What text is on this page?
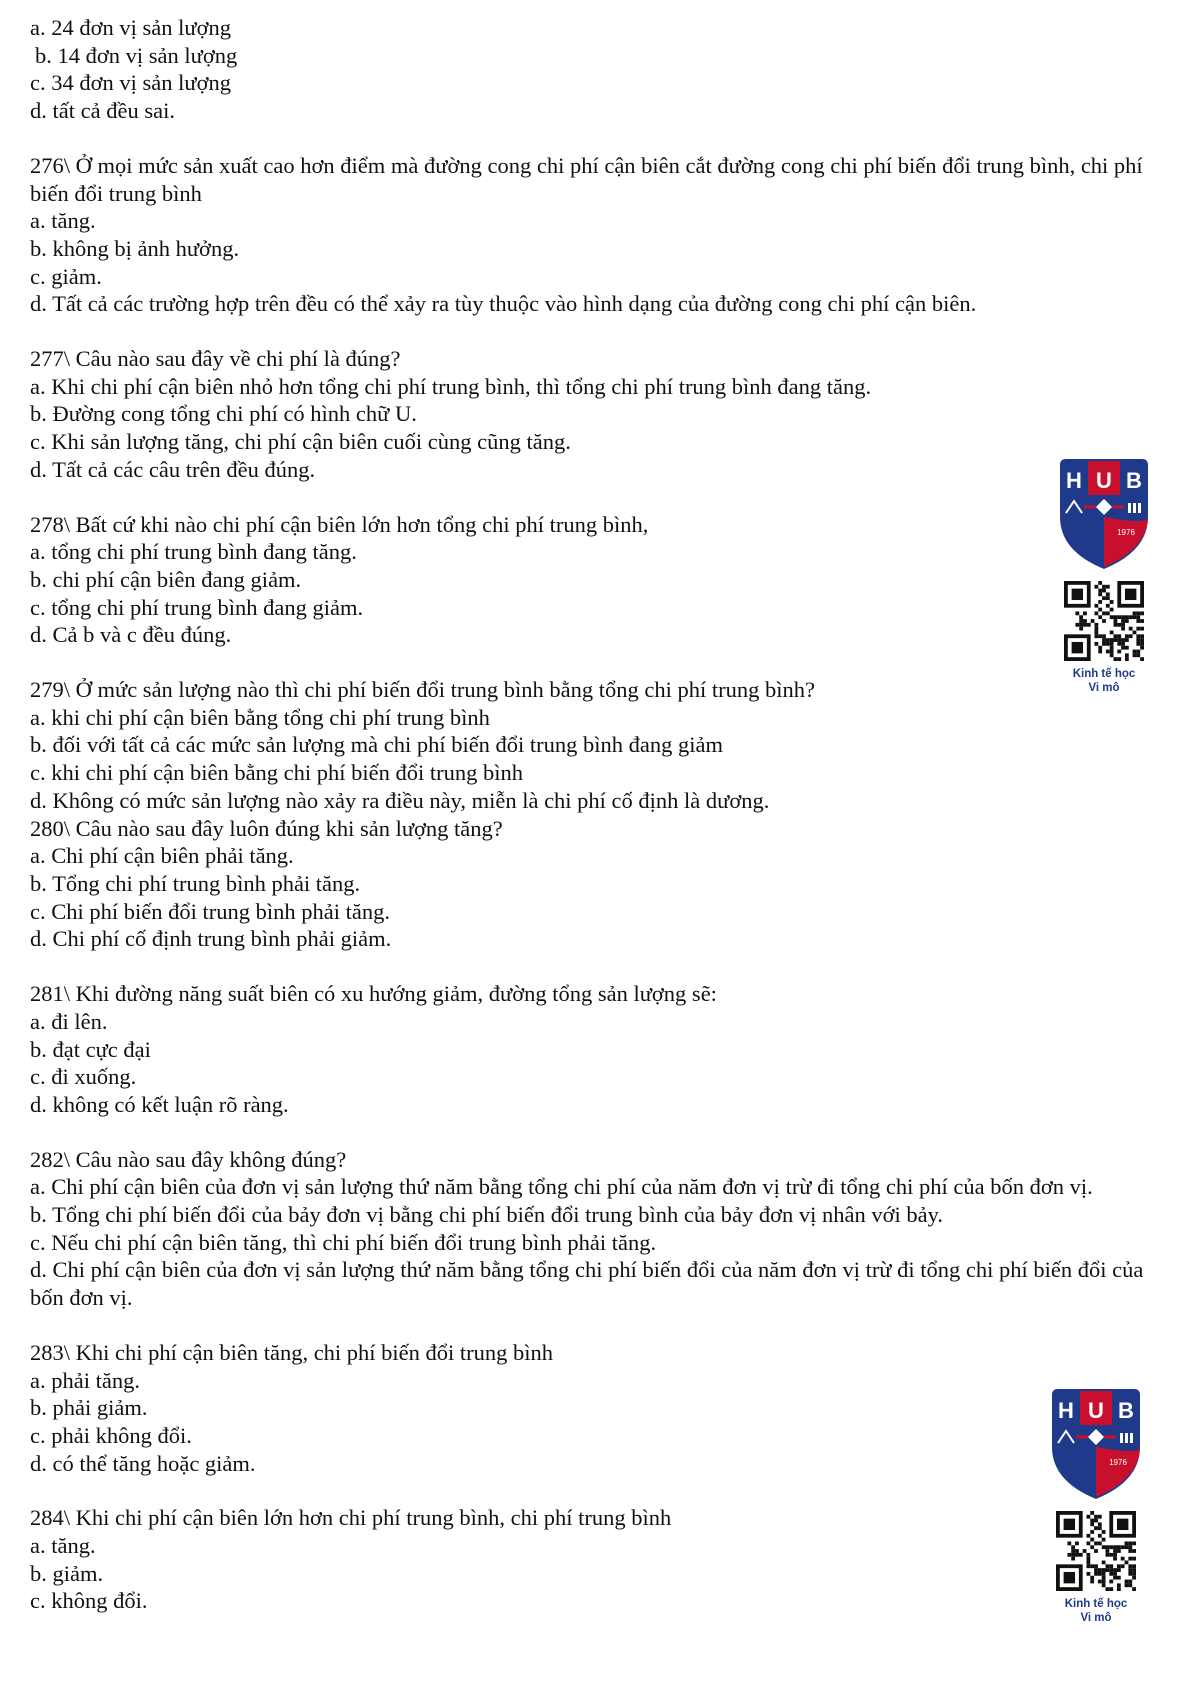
a. 24 đơn vị sản lượng

b. 14 đơn vị sản lượng

c. 34 đơn vị sản lượng

d. tất cả đều sai.

276\ Ở mọi mức sản xuất cao hơn điểm mà đường cong chi phí cận biên cắt đường cong chi phí biến đổi trung bình, chi phí biến đổi trung bình

a. tăng.

b. không bị ảnh hưởng.

c. giảm.

d. Tất cả các trường hợp trên đều có thể xảy ra tùy thuộc vào hình dạng của đường cong chi phí cận biên.

277\ Câu nào sau đây về chi phí là đúng?

a. Khi chi phí cận biên nhỏ hơn tổng chi phí trung bình, thì tổng chi phí trung bình đang tăng.

b. Đường cong tổng chi phí có hình chữ U.

c. Khi sản lượng tăng, chi phí cận biên cuối cùng cũng tăng.

d. Tất cả các câu trên đều đúng.

278\ Bất cứ khi nào chi phí cận biên lớn hơn tổng chi phí trung bình,

a. tổng chi phí trung bình đang tăng.

b. chi phí cận biên đang giảm.

c. tổng chi phí trung bình đang giảm.

d. Cả b và c đều đúng.

279\ Ở mức sản lượng nào thì chi phí biến đổi trung bình bằng tổng chi phí trung bình?

a. khi chi phí cận biên bằng tổng chi phí trung bình

b. đối với tất cả các mức sản lượng mà chi phí biến đổi trung bình đang giảm

c. khi chi phí cận biên bằng chi phí biến đổi trung bình

d. Không có mức sản lượng nào xảy ra điều này, miễn là chi phí cố định là dương.

280\ Câu nào sau đây luôn đúng khi sản lượng tăng?

a. Chi phí cận biên phải tăng.

b. Tổng chi phí trung bình phải tăng.

c. Chi phí biến đổi trung bình phải tăng.

d. Chi phí cố định trung bình phải giảm.

281\ Khi đường năng suất biên có xu hướng giảm, đường tổng sản lượng sẽ:

a. đi lên.

b. đạt cực đại

c. đi xuống.

d. không có kết luận rõ ràng.

282\ Câu nào sau đây không đúng?

a. Chi phí cận biên của đơn vị sản lượng thứ năm bằng tổng chi phí của năm đơn vị trừ đi tổng chi phí của bốn đơn vị.

b. Tổng chi phí biến đổi của bảy đơn vị bằng chi phí biến đổi trung bình của bảy đơn vị nhân với bảy.

c. Nếu chi phí cận biên tăng, thì chi phí biến đổi trung bình phải tăng.

d. Chi phí cận biên của đơn vị sản lượng thứ năm bằng tổng chi phí biến đổi của năm đơn vị trừ đi tổng chi phí biến đổi của bốn đơn vị.

283\ Khi chi phí cận biên tăng, chi phí biến đổi trung bình

a. phải tăng.

b. phải giảm.

c. phải không đổi.

d. có thể tăng hoặc giảm.

284\ Khi chi phí cận biên lớn hơn chi phí trung bình, chi phí trung bình

a. tăng.

b. giảm.

c. không đổi.

H U B
1976
Kinh tế học
Vi mô
H U B
1976
Kinh tế học
Vi mô
